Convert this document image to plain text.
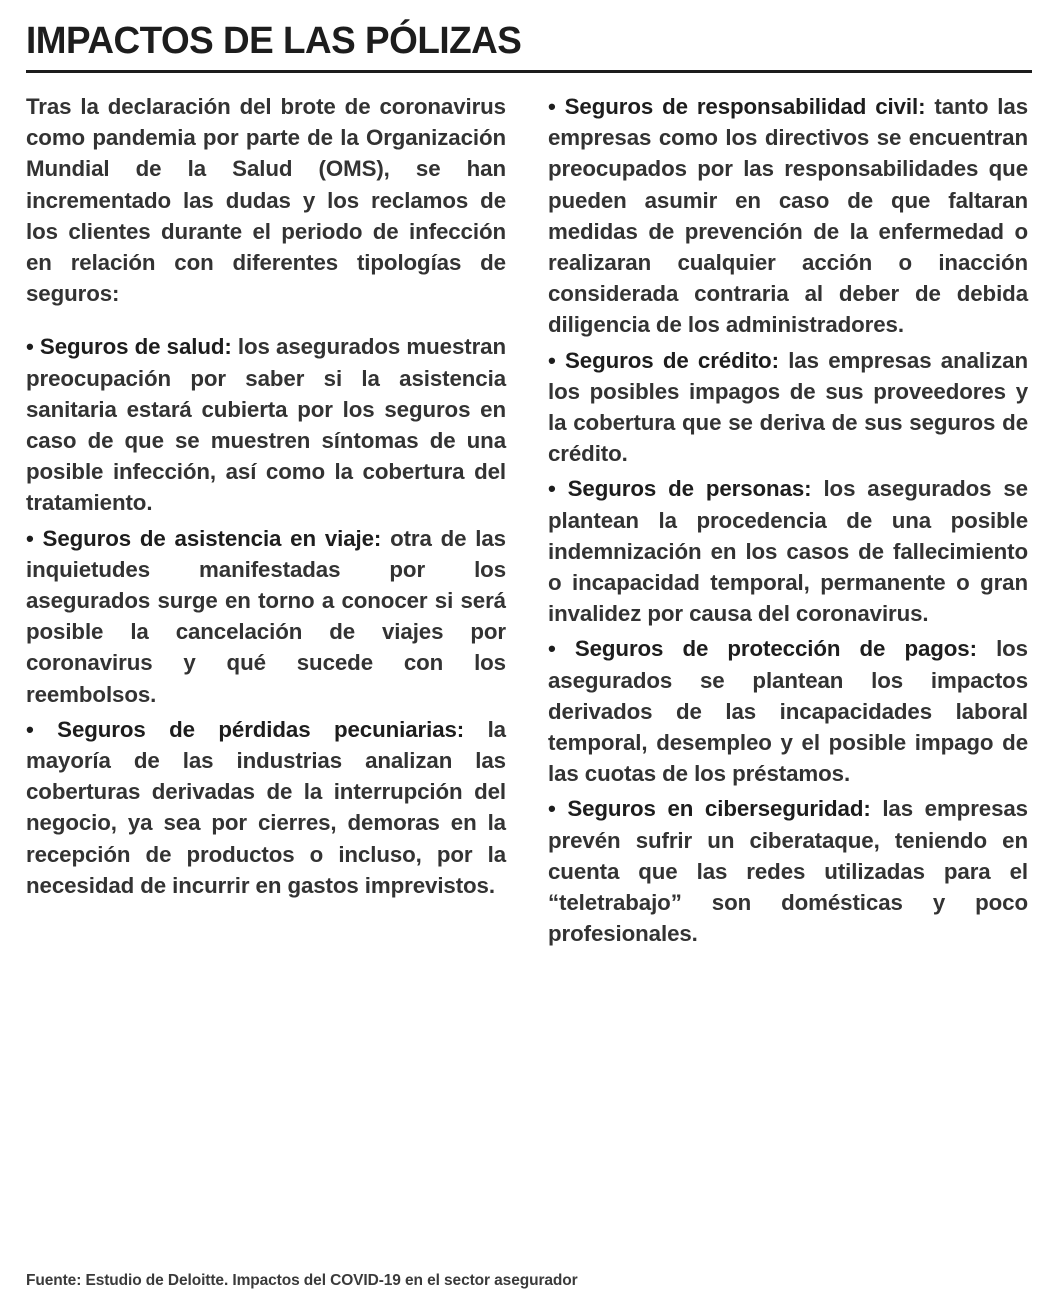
IMPACTOS DE LAS PÓLIZAS

Tras la declaración del brote de coronavirus como pandemia por parte de la Organización Mundial de la Salud (OMS), se han incrementado las dudas y los reclamos de los clientes durante el periodo de infección en relación con diferentes tipologías de seguros:

• Seguros de salud: los asegurados muestran preocupación por saber si la asistencia sanitaria estará cubierta por los seguros en caso de que se muestren síntomas de una posible infección, así como la cobertura del tratamiento.

• Seguros de asistencia en viaje: otra de las inquietudes manifestadas por los asegurados surge en torno a conocer si será posible la cancelación de viajes por coronavirus y qué sucede con los reembolsos.

• Seguros de pérdidas pecuniarias: la mayoría de las industrias analizan las coberturas derivadas de la interrupción del negocio, ya sea por cierres, demoras en la recepción de productos o incluso, por la necesidad de incurrir en gastos imprevistos.

• Seguros de responsabilidad civil: tanto las empresas como los directivos se encuentran preocupados por las responsabilidades que pueden asumir en caso de que faltaran medidas de prevención de la enfermedad o realizaran cualquier acción o inacción considerada contraria al deber de debida diligencia de los administradores.

• Seguros de crédito: las empresas analizan los posibles impagos de sus proveedores y la cobertura que se deriva de sus seguros de crédito.

• Seguros de personas: los asegurados se plantean la procedencia de una posible indemnización en los casos de fallecimiento o incapacidad temporal, permanente o gran invalidez por causa del coronavirus.

• Seguros de protección de pagos: los asegurados se plantean los impactos derivados de las incapacidades laboral temporal, desempleo y el posible impago de las cuotas de los préstamos.

• Seguros en ciberseguridad: las empresas prevén sufrir un ciberataque, teniendo en cuenta que las redes utilizadas para el “teletrabajo” son domésticas y poco profesionales.

Fuente: Estudio de Deloitte. Impactos del COVID-19 en el sector asegurador
